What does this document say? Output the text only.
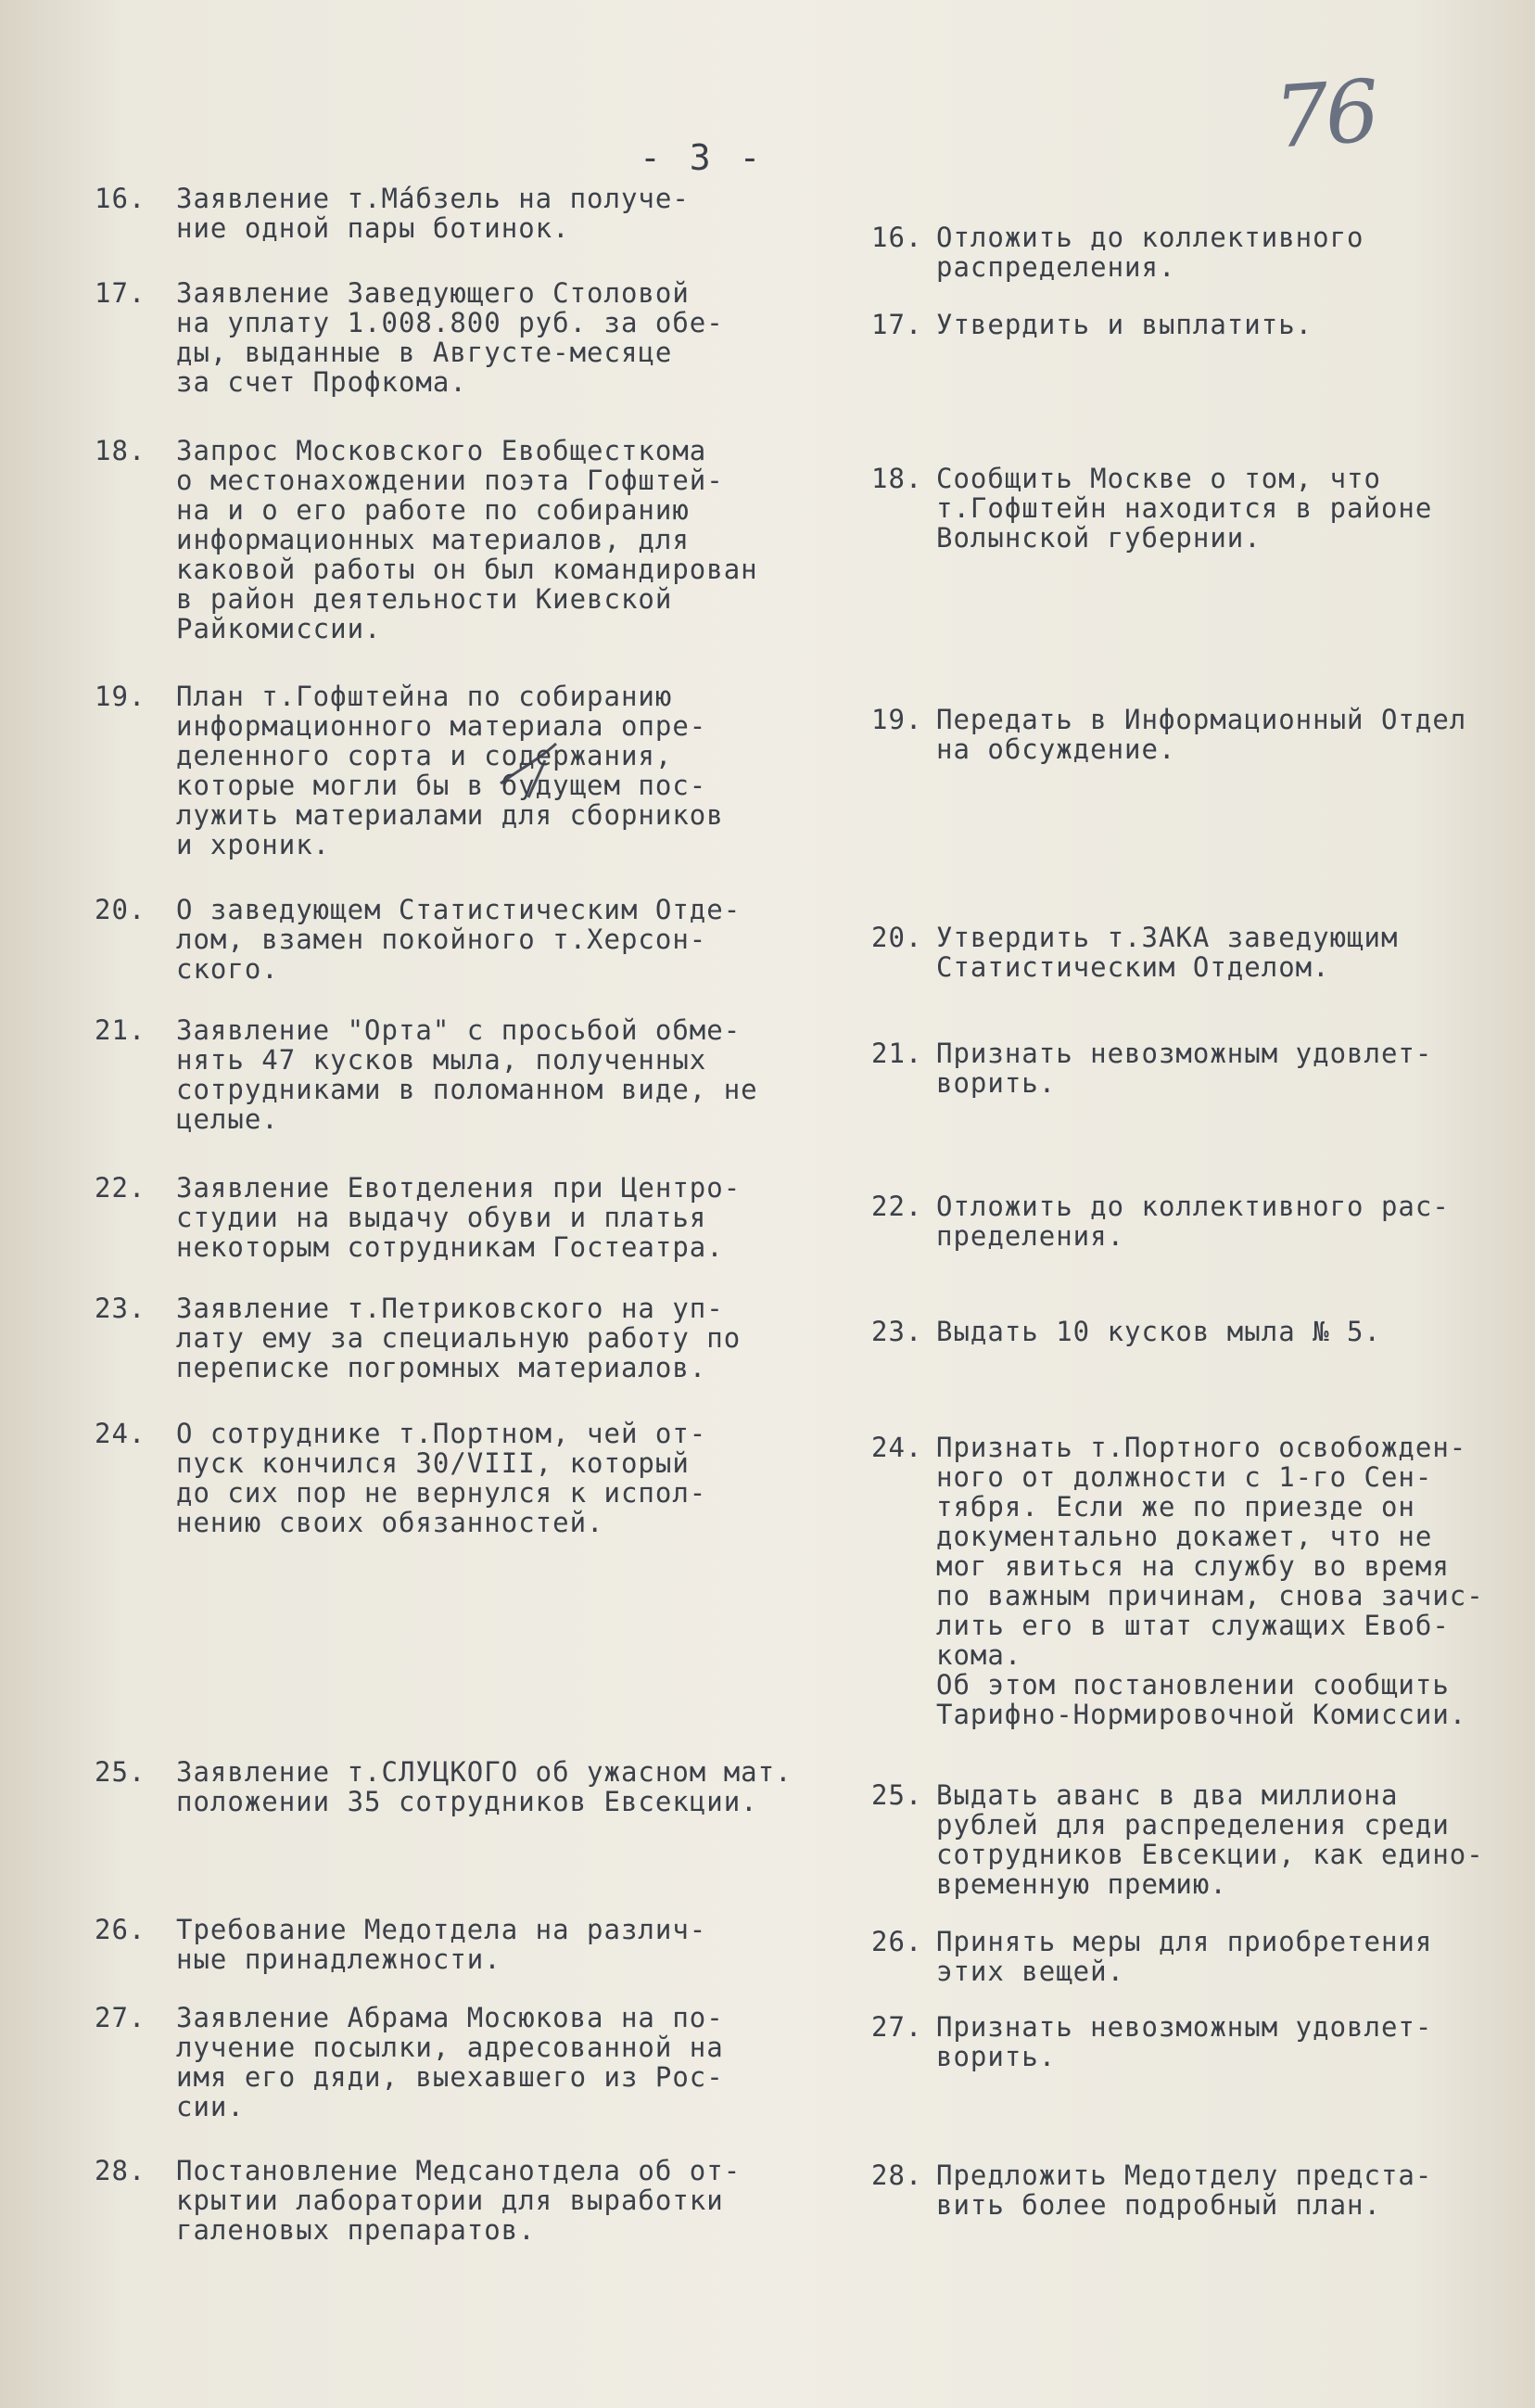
76
- 3 -
16.	Заявление т.Ма́бзель на получе-
ние одной пары ботинок.	16. Отложить до коллективного
распределения.
17.	Заявление Заведующего Столовой
на уплату 1.008.800 руб. за обе-
ды, выданные в Августе-месяце
за счет Профкома.
17. Утвердить и выплатить.
18.	Запрос Московского Евобщесткома
о местонахождении поэта Гофштей-
на и о его работе по собиранию
информационных материалов, для
каковой работы он был командирован
в район деятельности Киевской
Райкомиссии.
18. Сообщить Москве о том, что
т.Гофштейн находится в районе
Волынской губернии.
19.	План т.Гофштейна по собиранию
информационного материала опре-
деленного сорта и содержания,
которые могли бы в будущем пос-
лужить материалами для сборников
и хроник.
19. Передать в Информационный Отдел
на обсуждение.
20.	О заведующем Статистическим Отде-
лом, взамен покойного т.Херсон-
ского.
20. Утвердить т.ЗАКА заведующим
Статистическим Отделом.
21.	Заявление "Орта" с просьбой обме-
нять 47 кусков мыла, полученных
сотрудниками в поломанном виде, не
целые.
21. Признать невозможным удовлет-
ворить.
22.	Заявление Евотделения при Центро-
студии на выдачу обуви и платья
некоторым сотрудникам Гостеатра.
22. Отложить до коллективного рас-
пределения.
23.	Заявление т.Петриковского на уп-
лату ему за специальную работу по
переписке погромных материалов.
23. Выдать 10 кусков мыла № 5.
24.	О сотруднике т.Портном, чей от-
пуск кончился 30/VIII, который
до сих пор не вернулся к испол-
нению своих обязанностей.
24. Признать т.Портного освобожден-
ного от должности с 1-го Сен-
тября. Если же по приезде он
документально докажет, что не
мог явиться на службу во время
по важным причинам, снова зачис-
лить его в штат служащих Евоб-
кома.
Об этом постановлении сообщить
Тарифно-Нормировочной Комиссии.
25.	Заявление т.СЛУЦКОГО об ужасном мат.
положении 35 сотрудников Евсекции.	25. Выдать аванс в два миллиона
рублей для распределения среди
сотрудников Евсекции, как едино-
временную премию.
26.	Требование Медотдела на различ-
ные принадлежности.
26. Принять меры для приобретения
этих вещей.
27.	Заявление Абрама Мосюкова на по-
лучение посылки, адресованной на
имя его дяди, выехавшего из Рос-
сии.
27. Признать невозможным удовлет-
ворить.
28.	Постановление Медсанотдела об от-
крытии лаборатории для выработки
галеновых препаратов.
28. Предложить Медотделу предста-
вить более подробный план.
